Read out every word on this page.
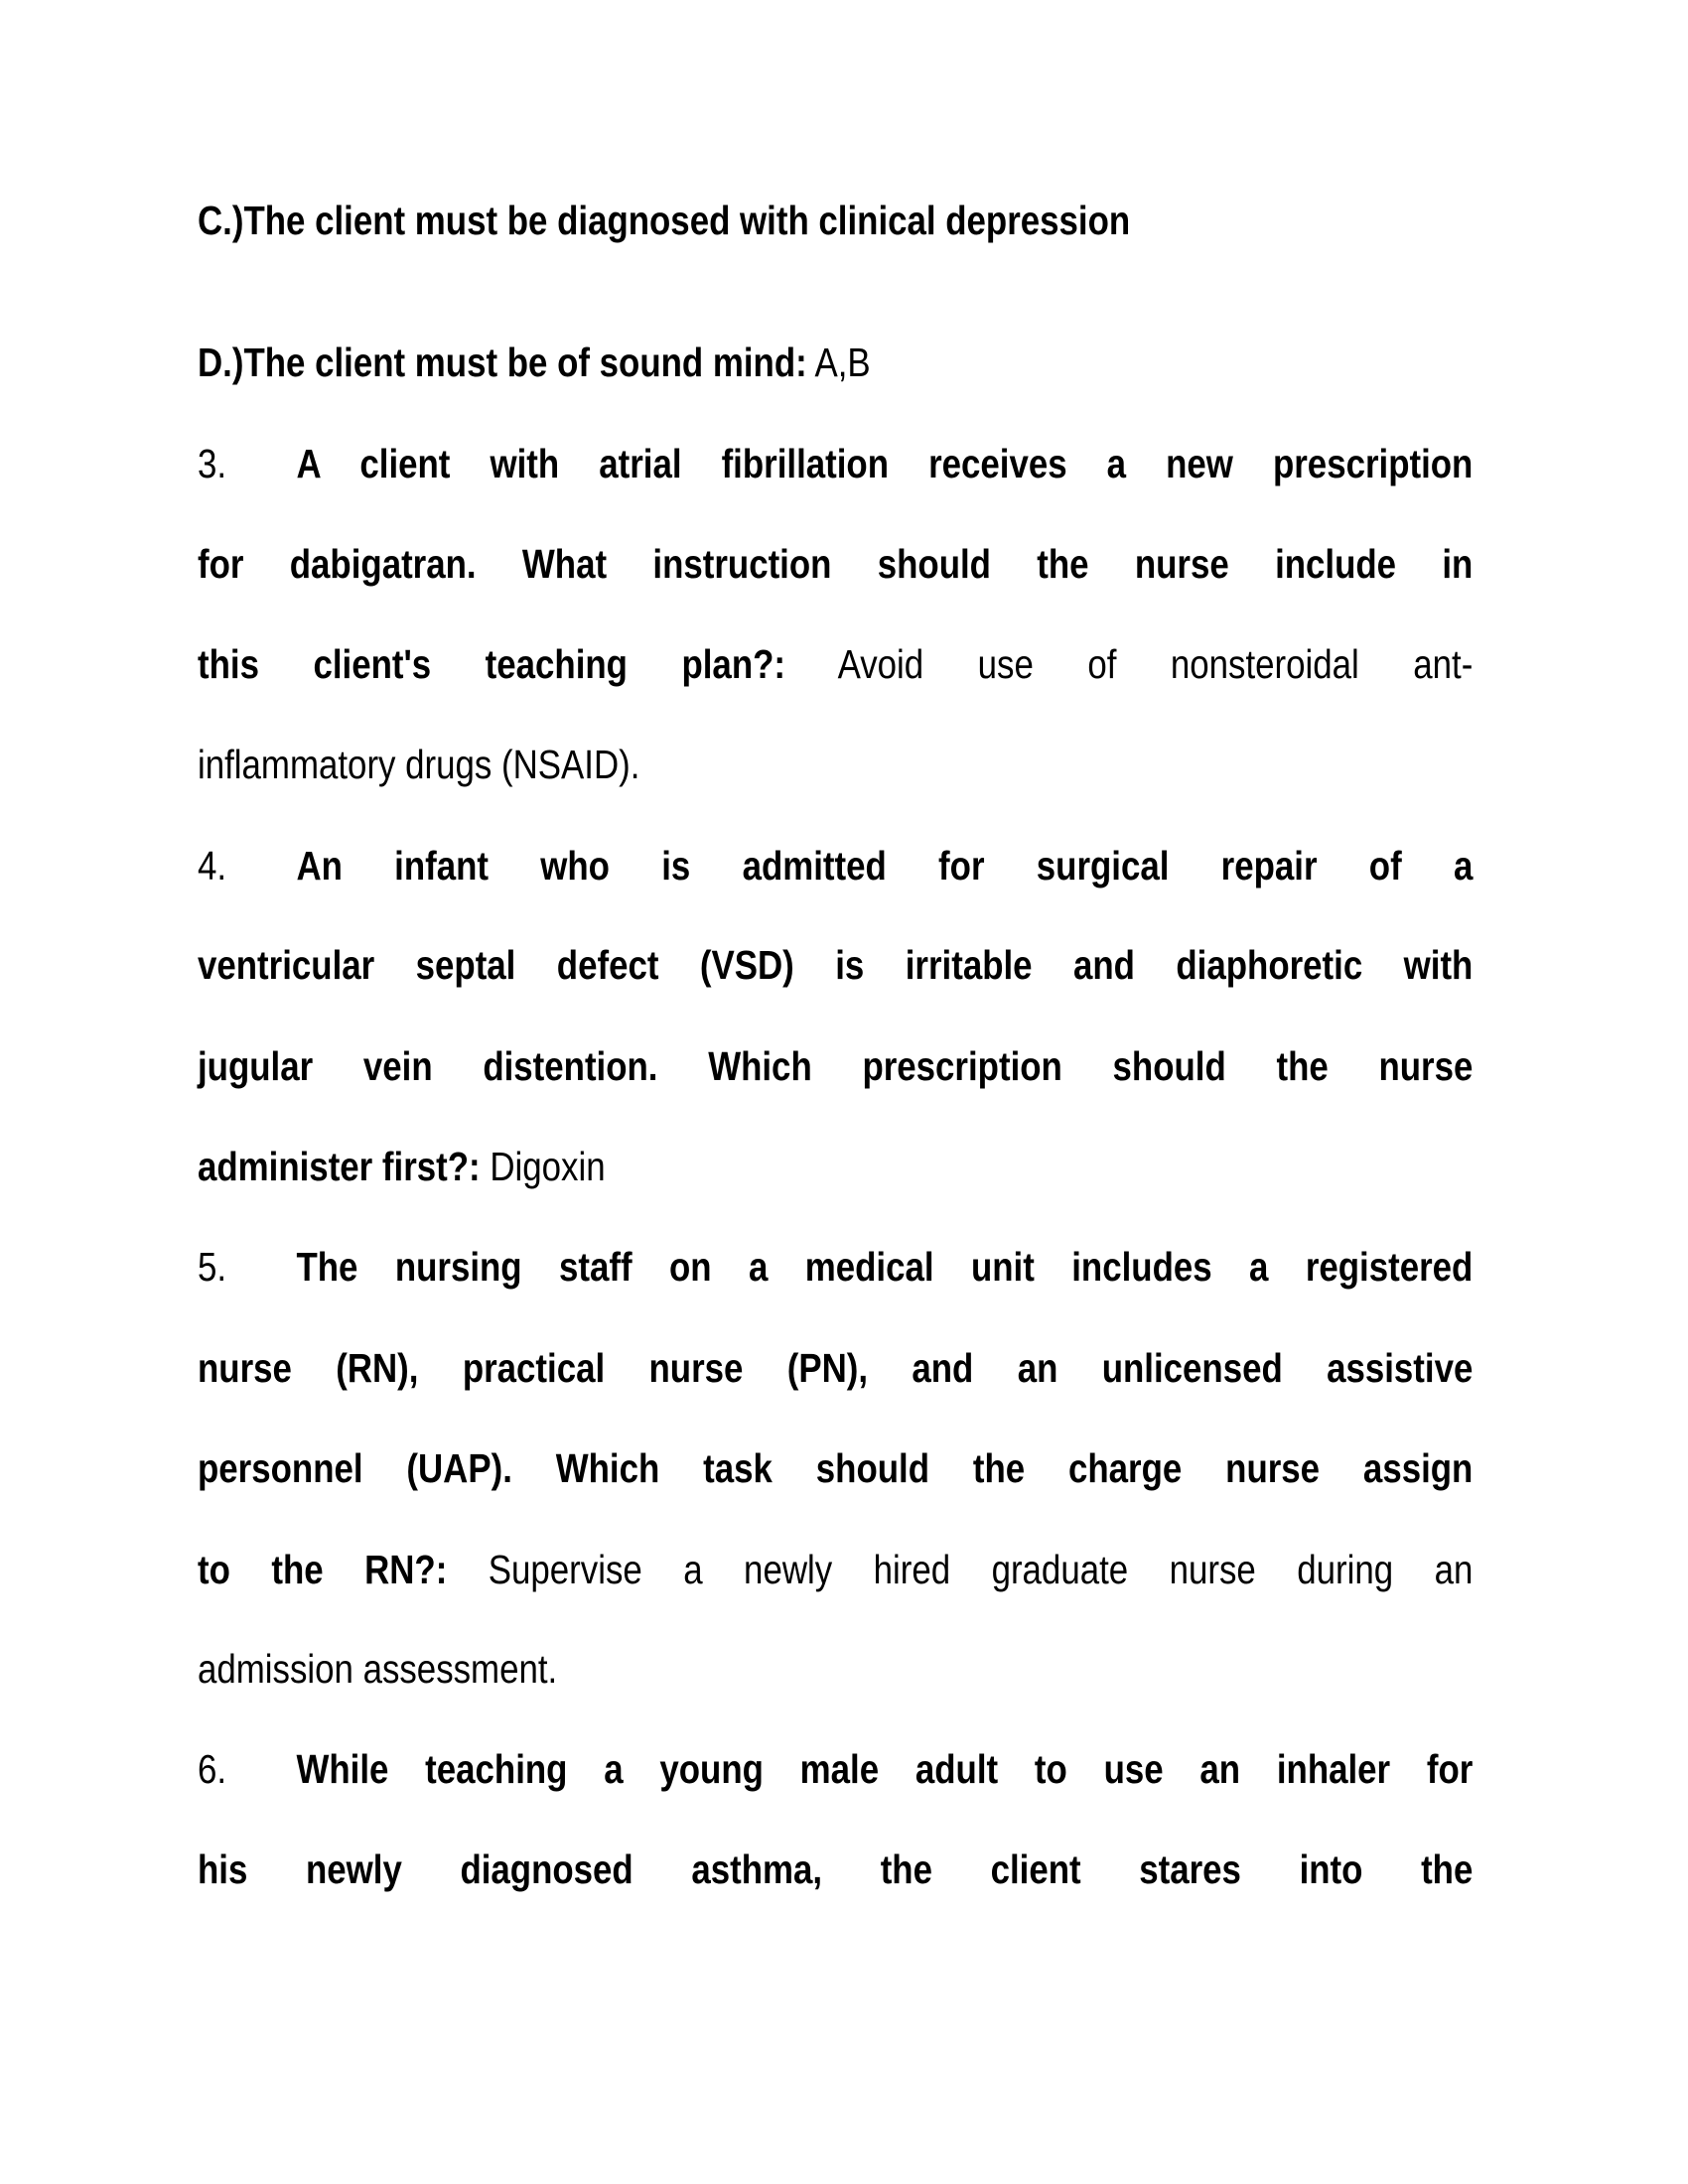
C.)The client must be diagnosed with clinical depression
D.)The client must be of sound mind: A,B
3. A client with atrial fibrillation receives a new prescription
for dabigatran. What instruction should the nurse include in
this client's teaching plan?: Avoid use of nonsteroidal ant-
inflammatory drugs (NSAID).
4. An infant who is admitted for surgical repair of a
ventricular septal defect (VSD) is irritable and diaphoretic with
jugular vein distention. Which prescription should the nurse
administer first?: Digoxin
5. The nursing staff on a medical unit includes a registered
nurse (RN), practical nurse (PN), and an unlicensed assistive
personnel (UAP). Which task should the charge nurse assign
to the RN?: Supervise a newly hired graduate nurse during an
admission assessment.
6. While teaching a young male adult to use an inhaler for
his newly diagnosed asthma, the client stares into the
